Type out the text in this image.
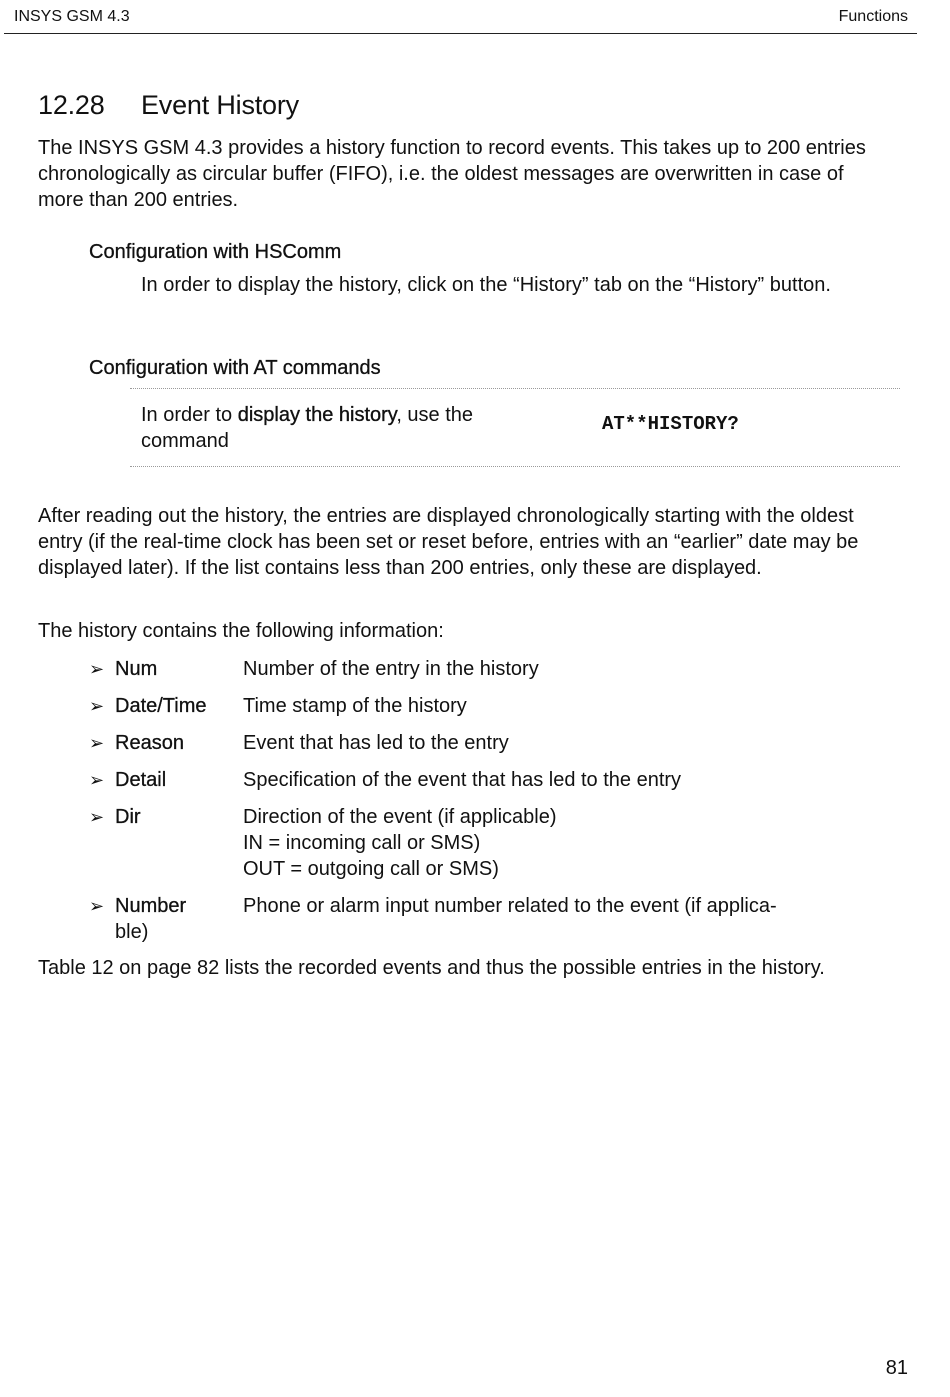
INSYS GSM 4.3	Functions
12.28 Event History

The INSYS GSM 4.3 provides a history function to record events. This takes up to 200 entries chronologically as circular buffer (FIFO), i.e. the oldest messages are overwritten in case of more than 200 entries.

Configuration with HSComm

In order to display the history, click on the “History” tab on the “History” button.

Configuration with AT commands
In order to display the history, use the command
AT**HISTORY?

After reading out the history, the entries are displayed chronologically starting with the oldest entry (if the real-time clock has been set or reset before, entries with an “earlier” date may be displayed later). If the list contains less than 200 entries, only these are displayed.

The history contains the following information:

➢ Num	Number of the entry in the history
➢ Date/Time Time stamp of the history
➢ Reason	Event that has led to the entry
➢ Detail	Specification of the event that has led to the entry
➢ Dir	Direction of the event (if applicable)
IN = incoming call or SMS)
OUT = outgoing call or SMS)
➢ Number	Phone or alarm input number related to the event (if applica-
ble)

Table 12 on page 82 lists the recorded events and thus the possible entries in the history.

81
